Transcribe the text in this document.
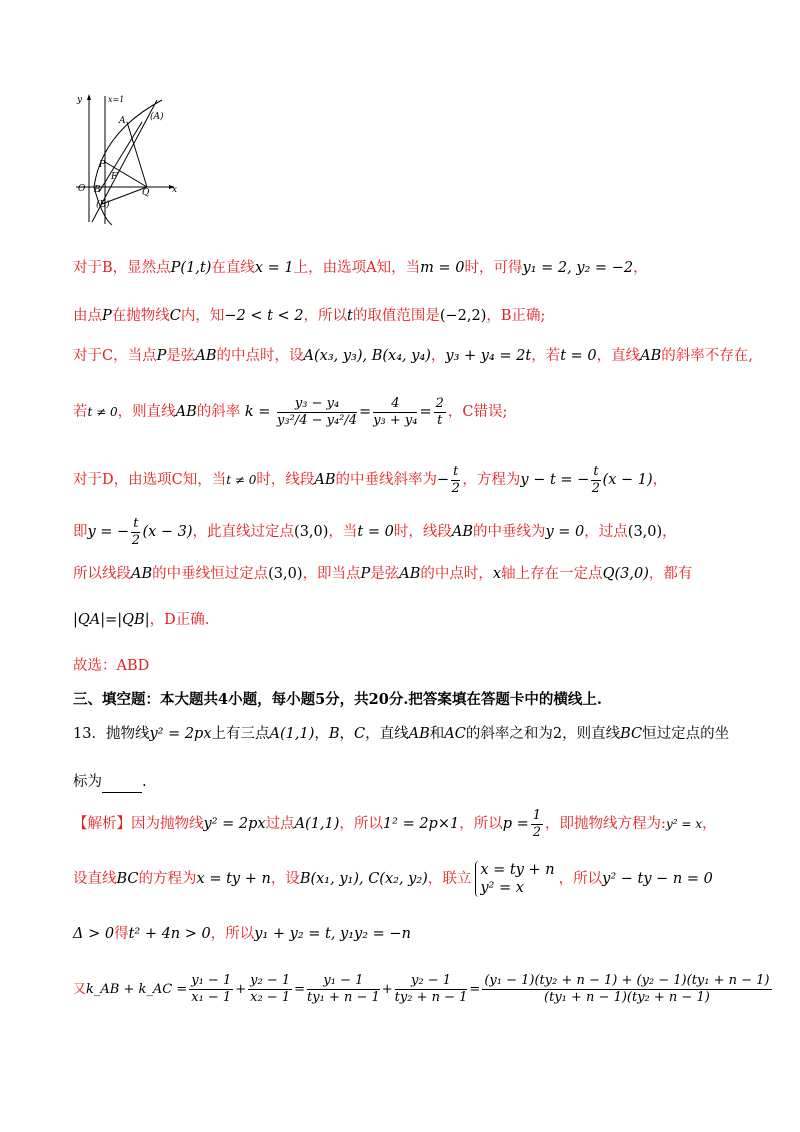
y	x=1
A	(A)
P
F
O B	Q	x
(B)
对于B，显然点P(1,t)在直线x = 1上，由选项A知，当m = 0时，可得y₁ = 2, y₂ = −2，
由点P在抛物线C内，知−2 < t < 2，所以t的取值范围是(−2,2)，B正确;
对于C，当点P是弦AB的中点时，设A(x₃, y₃), B(x₄, y₄)，y₃ + y₄ = 2t，若t = 0，直线AB的斜率不存在,
若t ≠ 0，则直线AB的斜率 $k = \frac{\text{y₃ − y₄}}{\text{y₃²/4 − y₄²/4}} = \frac{4}{\text{y₃ + y₄}} = \frac{2}{t}$ ，C错误;
对于D，由选项C知，当t ≠ 0时，线段AB的中垂线斜率为− $\frac{t}{2}$ ，方程为y − t = − $\frac{t}{2} (x - 1)$，
即y = − $\frac{t}{2} (x - 3)$，此直线过定点(3,0)，当t = 0时，线段AB的中垂线为y = 0，过点(3,0)，
所以线段AB的中垂线恒过定点(3,0)，即当点P是弦AB的中点时，x轴上存在一定点Q(3,0)，都有
|QA|=|QB|，D正确.
故选：ABD
三、填空题：本大题共4小题，每小题5分，共20分.把答案填在答题卡中的横线上.
13．抛物线y² = 2px上有三点A(1,1)，B，C，直线AB和AC的斜率之和为2，则直线BC恒过定点的坐
标为	.
【解析】因为抛物线y² = 2px过点A(1,1)，所以1² = 2p×1，所以$p = \frac{1}{2}$ ，即抛物线方程为:y² = x，
设直线BC的方程为x = ty + n，设B(x₁, y₁), C(x₂, y₂)，联立
x = ty + n
y² = x
，所以y² − ty − n = 0
Δ > 0得t² + 4n > 0，所以y₁ + y₂ = t, y₁y₂ = −n
又k_AB + k_AC = $\frac{\text{y₁ − 1}}{\text{x₁ − 1}} + \frac{\text{y₂ − 1}}{\text{x₂ − 1}} = \frac{\text{y₁ − 1}}{\text{ty₁ + n − 1}} + \frac{\text{y₂ − 1}}{\text{ty₂ + n − 1}} = \frac{\text{(y₁ − 1)(ty₂ + n − 1) + (y₂ − 1)(ty₁ + n − 1)}}{\text{(ty₁ + n − 1)(ty₂ + n − 1)}}$
